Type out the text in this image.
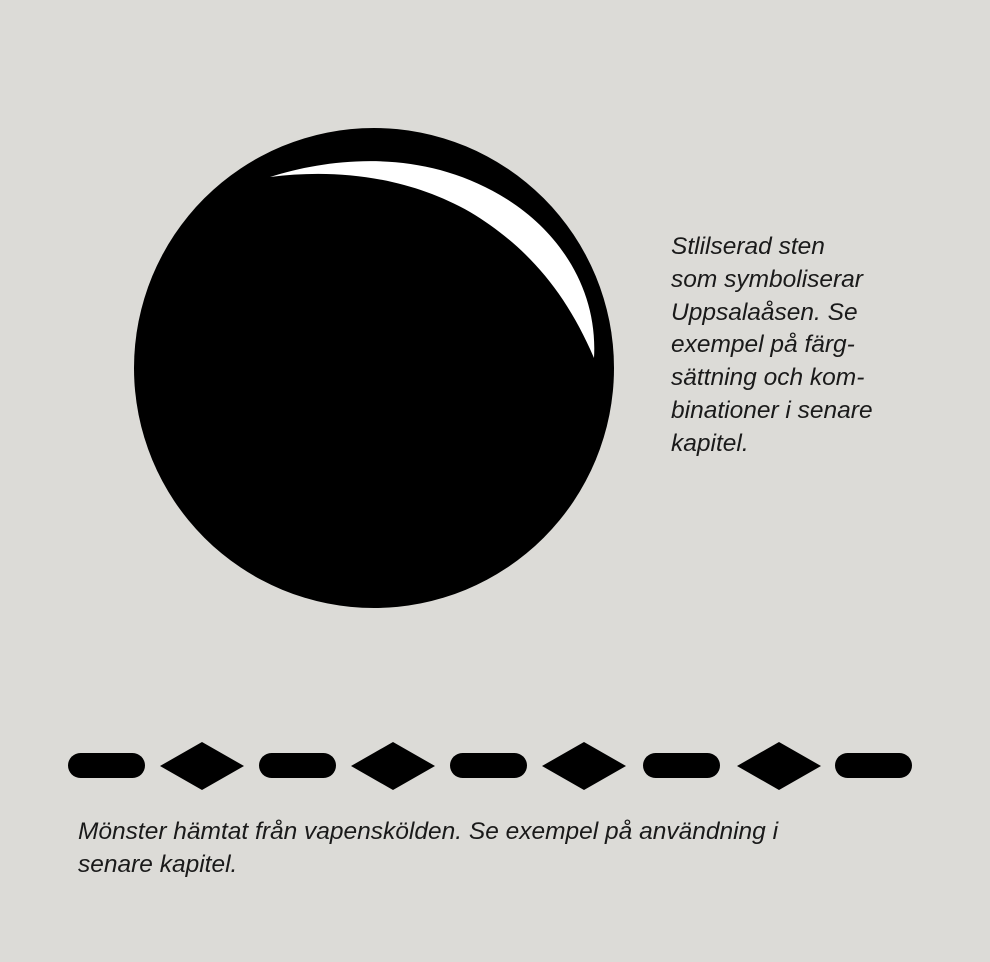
Stlilserad sten
som symboliserar
Uppsalaåsen. Se
exempel på färg-
sättning och kom-
binationer i senare
kapitel.

Mönster hämtat från vapenskölden. Se exempel på användning i
senare kapitel.
